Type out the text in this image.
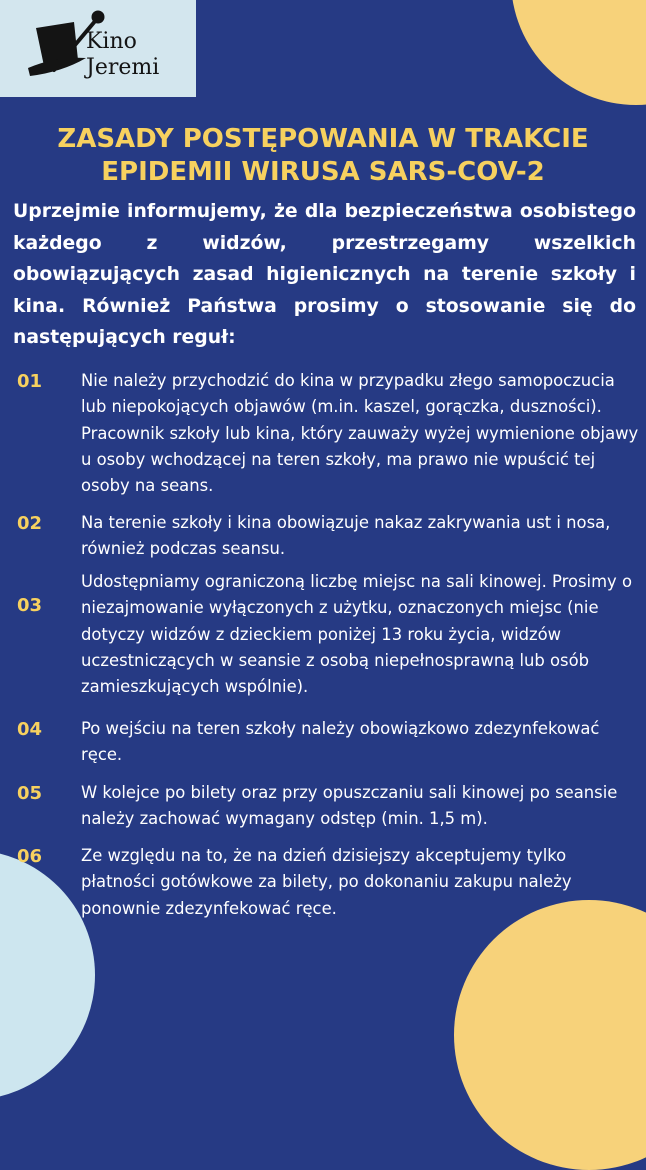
Kino
Jeremi
ZASADY POSTĘPOWANIA W TRAKCIE
EPIDEMII WIRUSA SARS-COV-2

Uprzejmie informujemy, że dla bezpieczeństwa osobistego każdego z widzów, przestrzegamy wszelkich obowiązujących zasad higienicznych na terenie szkoły i kina. Również Państwa prosimy o stosowanie się do następujących reguł:

01	Nie należy przychodzić do kina w przypadku złego samopoczucia lub niepokojących objawów (m.in. kaszel, gorączka, duszności). Pracownik szkoły lub kina, który zauważy wyżej wymienione objawy u osoby wchodzącej na teren szkoły, ma prawo nie wpuścić tej osoby na seans.

02	Na terenie szkoły i kina obowiązuje nakaz zakrywania ust i nosa, również podczas seansu.

03

Udostępniamy ograniczoną liczbę miejsc na sali kinowej. Prosimy o niezajmowanie wyłączonych z użytku, oznaczonych miejsc (nie dotyczy widzów z dzieckiem poniżej 13 roku życia, widzów uczestniczących w seansie z osobą niepełnosprawną lub osób zamieszkujących wspólnie).

04	Po wejściu na teren szkoły należy obowiązkowo zdezynfekować ręce.

05	W kolejce po bilety oraz przy opuszczaniu sali kinowej po seansie należy zachować wymagany odstęp (min. 1,5 m).

06	Ze względu na to, że na dzień dzisiejszy akceptujemy tylko płatności gotówkowe za bilety, po dokonaniu zakupu należy ponownie zdezynfekować ręce.
